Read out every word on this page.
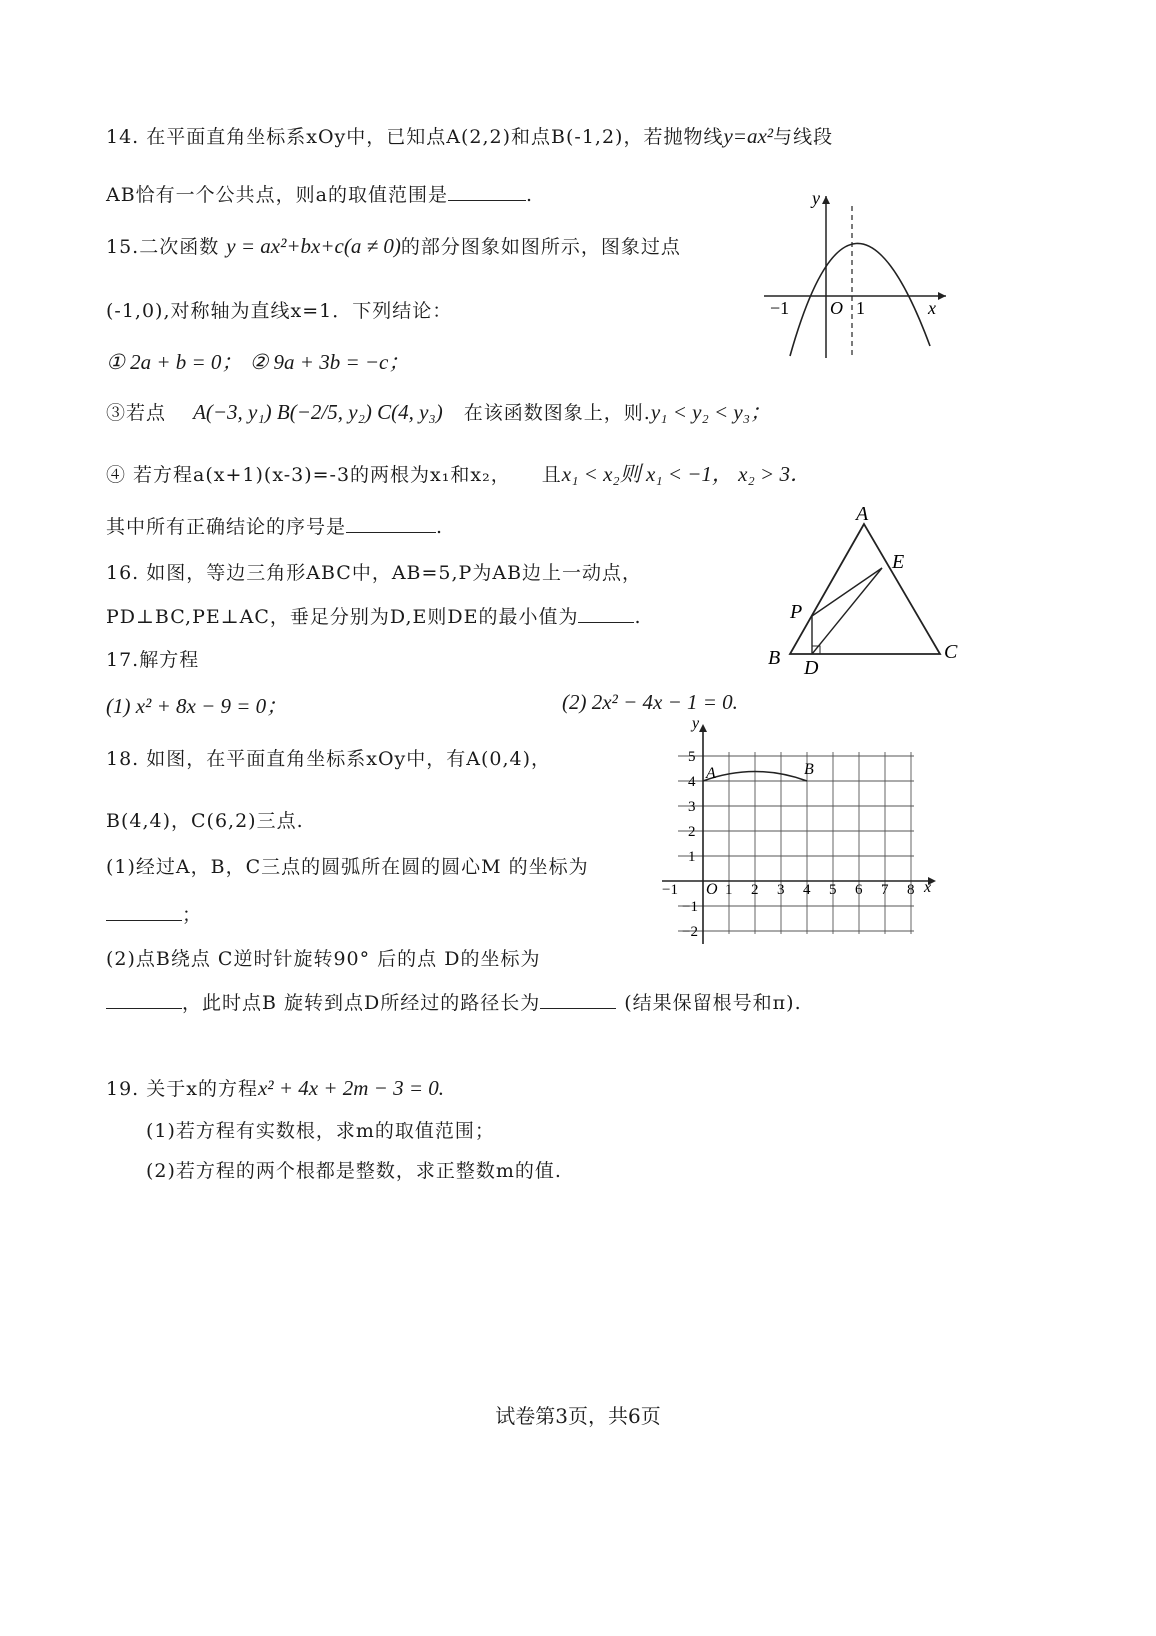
14. 在平面直角坐标系xOy中，已知点A(2,2)和点B(-1,2)，若抛物线y=ax²与线段
AB恰有一个公共点，则a的取值范围是	.
15.二次函数 y = ax²+bx+c(a ≠ 0)的部分图象如图所示，图象过点
(-1,0),对称轴为直线x=1．下列结论：
① 2a + b = 0； ② 9a + 3b = −c；
③若点 A(−3, y₁) B(−2/5, y₂) C(4, y₃) 在该函数图象上，则.y₁ < y₂ < y₃；
④ 若方程a(x+1)(x-3)=-3的两根为x₁和x₂， 且x₁ < x₂则 x₁ < −1， x₂ > 3．
其中所有正确结论的序号是	.
16. 如图，等边三角形ABC中，AB=5,P为AB边上一动点，
PD⊥BC,PE⊥AC，垂足分别为D,E则DE的最小值为	.
17.解方程
(1) x² + 8x − 9 = 0；	(2) 2x² − 4x − 1 = 0.
18. 如图，在平面直角坐标系xOy中，有A(0,4)，
B(4,4)，C(6,2)三点.
(1)经过A，B，C三点的圆弧所在圆的圆心M 的坐标为
；
(2)点B绕点 C逆时针旋转90° 后的点 D的坐标为
，此时点B 旋转到点D所经过的路径长为	(结果保留根号和π).
19. 关于x的方程x² + 4x + 2m − 3 = 0.
(1)若方程有实数根，求m的取值范围；
(2)若方程的两个根都是整数，求正整数m的值.
试卷第3页，共6页
y
x
−1 O 1
A
B	C
D
E
P
y
x
O
−1
A	B
1 2 3 4 5 6 7 8
5
4
3
2
1
−1
−2
